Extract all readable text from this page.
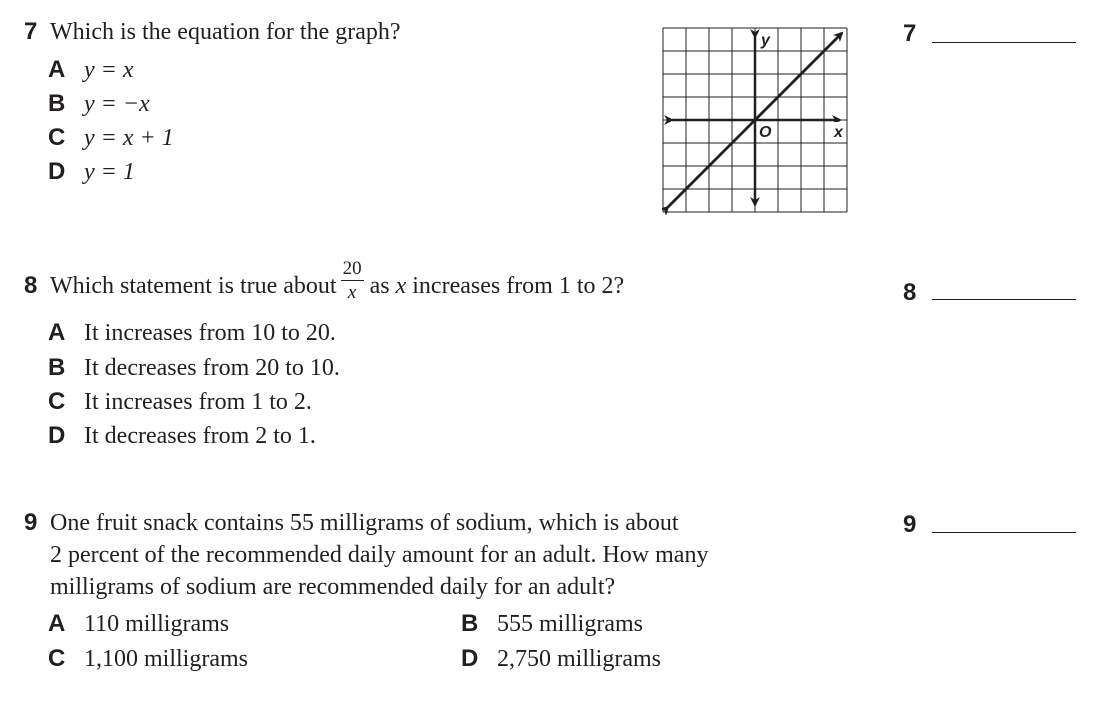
7 Which is the equation for the graph?
A y = x
B y = −x
C y = x + 1
D y = 1
y
O	x
7
8 Which statement is true about $\frac{20}{x}$ as x increases from 1 to 2?
A It increases from 10 to 20.
B It decreases from 20 to 10.
C It increases from 1 to 2.
D It decreases from 2 to 1.
8
9 One fruit snack contains 55 milligrams of sodium, which is about
2 percent of the recommended daily amount for an adult. How many
milligrams of sodium are recommended daily for an adult?
A 110 milligrams	B 555 milligrams
C 1,100 milligrams	D 2,750 milligrams
9
